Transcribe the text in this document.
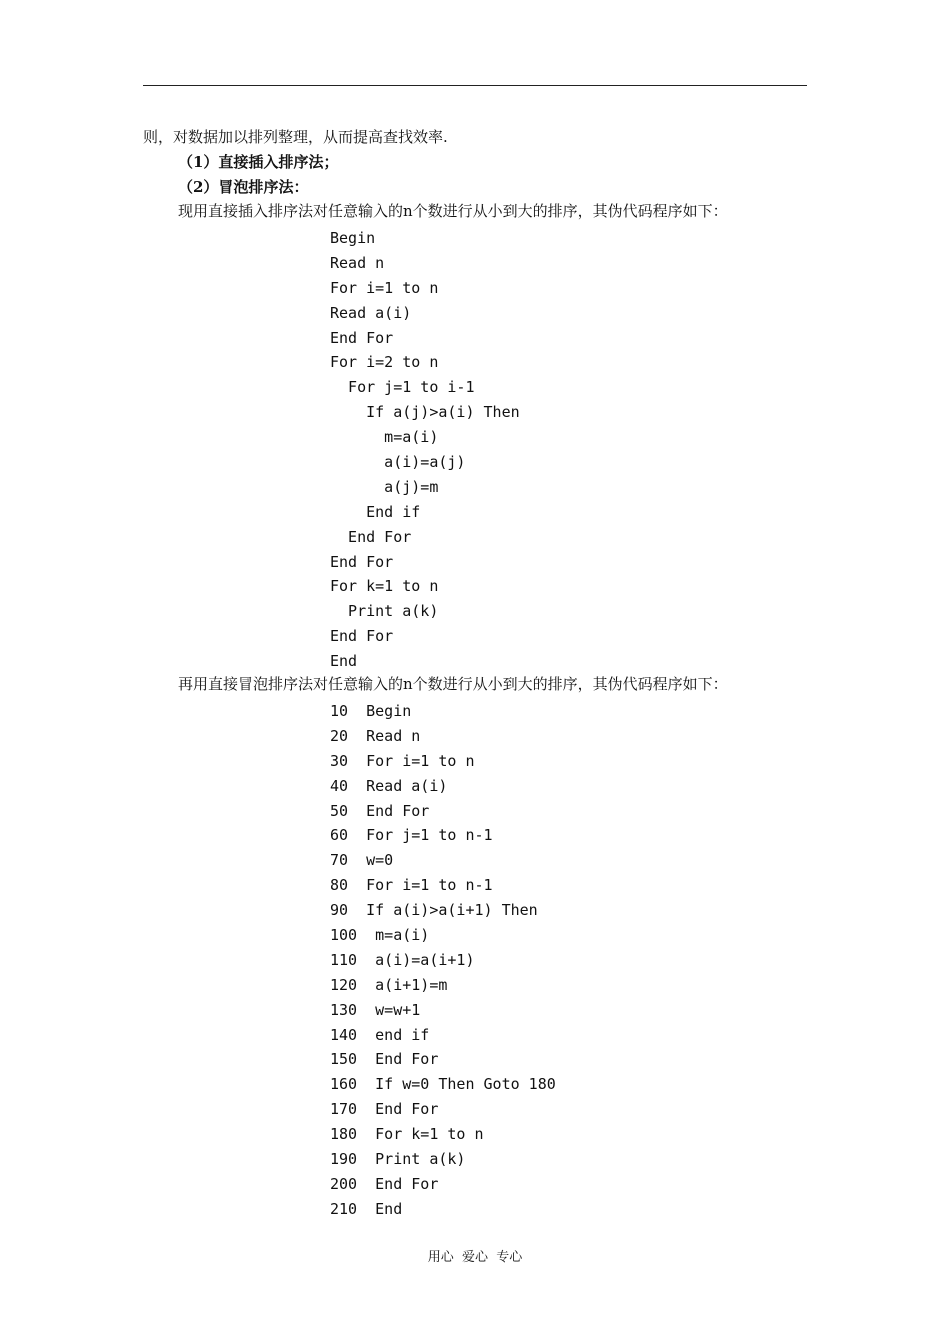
则，对数据加以排列整理，从而提高查找效率.
（1）直接插入排序法；
（2）冒泡排序法：
现用直接插入排序法对任意输入的n个数进行从小到大的排序，其伪代码程序如下：
Begin
Read n
For i=1 to n
Read a(i)
End For
For i=2 to n
For j=1 to i-1
If a(j)>a(i) Then
m=a(i)
a(i)=a(j)
a(j)=m
End if
End For
End For
For k=1 to n
Print a(k)
End For
End
再用直接冒泡排序法对任意输入的n个数进行从小到大的排序，其伪代码程序如下：
10  Begin
20  Read n
30  For i=1 to n
40  Read a(i)
50  End For
60  For j=1 to n-1
70  w=0
80  For i=1 to n-1
90  If a(i)>a(i+1) Then
100  m=a(i)
110  a(i)=a(i+1)
120  a(i+1)=m
130  w=w+1
140  end if
150  End For
160  If w=0 Then Goto 180
170  End For
180  For k=1 to n
190  Print a(k)
200  End For
210  End
用心  爱心  专心
